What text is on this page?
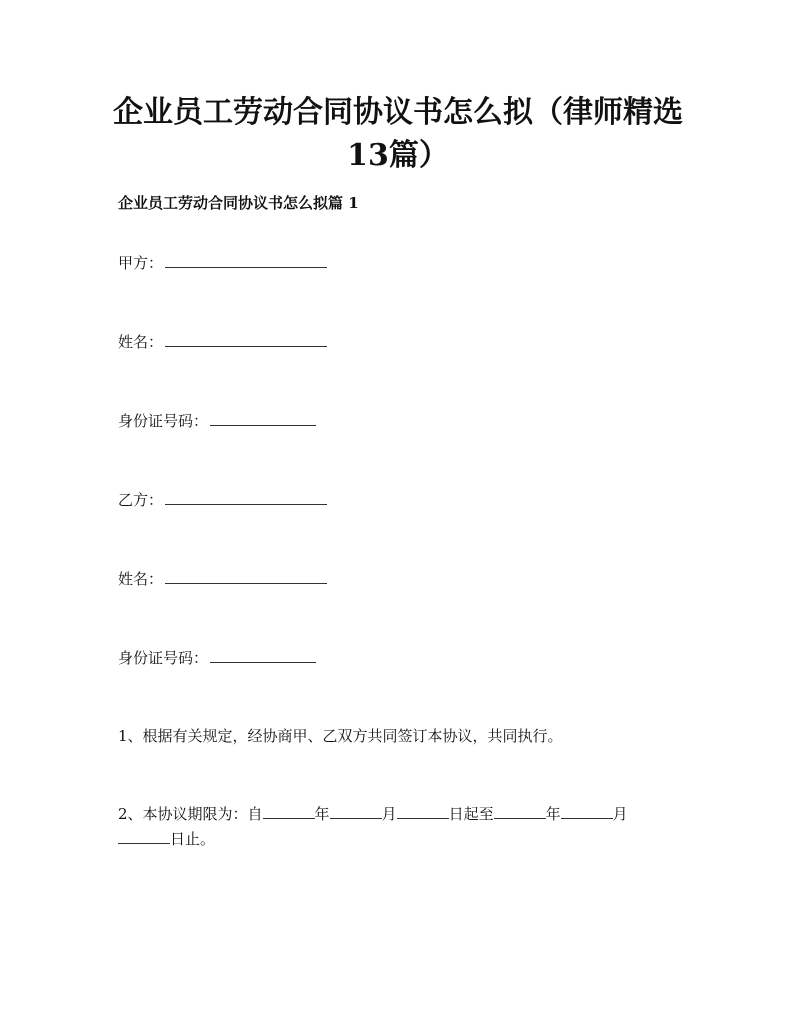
企业员工劳动合同协议书怎么拟（律师精选
13篇）
企业员工劳动合同协议书怎么拟篇 1

甲方：

姓名：

身份证号码：

乙方：

姓名：

身份证号码：

1、根据有关规定，经协商甲、乙双方共同签订本协议，共同执行。

2、本协议期限为：自	年	月	日起至	年	月

日止。
